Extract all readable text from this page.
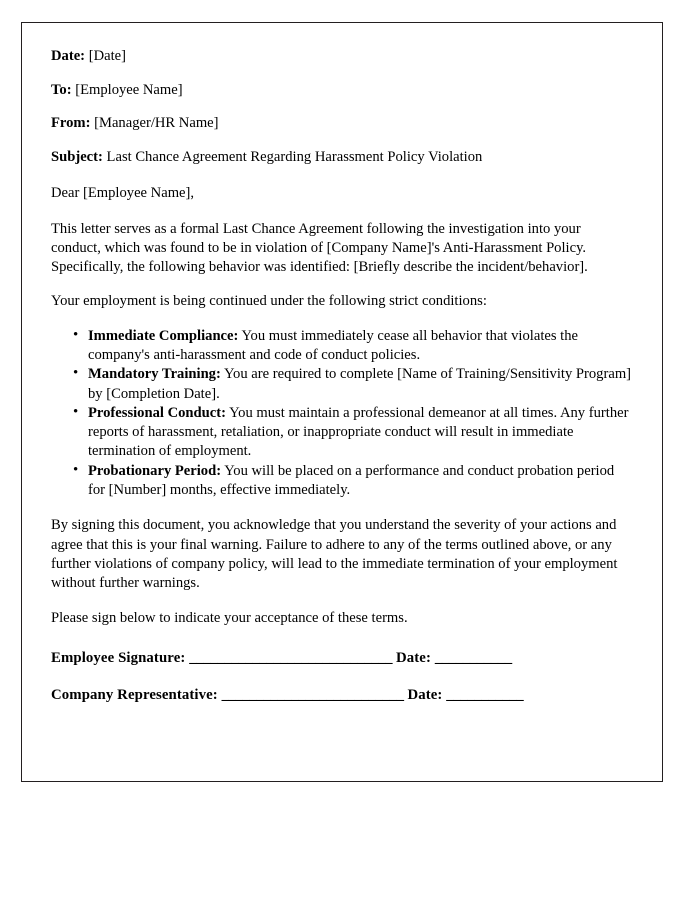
Date: [Date]
To: [Employee Name]
From: [Manager/HR Name]
Subject: Last Chance Agreement Regarding Harassment Policy Violation
Dear [Employee Name],

This letter serves as a formal Last Chance Agreement following the investigation into your conduct, which was found to be in violation of [Company Name]'s Anti-Harassment Policy. Specifically, the following behavior was identified: [Briefly describe the incident/behavior].

Your employment is being continued under the following strict conditions:

• Immediate Compliance: You must immediately cease all behavior that violates the company's anti-harassment and code of conduct policies.
• Mandatory Training: You are required to complete [Name of Training/Sensitivity Program] by [Completion Date].
• Professional Conduct: You must maintain a professional demeanor at all times. Any further reports of harassment, retaliation, or inappropriate conduct will result in immediate termination of employment.
• Probationary Period: You will be placed on a performance and conduct probation period for [Number] months, effective immediately.

By signing this document, you acknowledge that you understand the severity of your actions and agree that this is your final warning. Failure to adhere to any of the terms outlined above, or any further violations of company policy, will lead to the immediate termination of your employment without further warnings.

Please sign below to indicate your acceptance of these terms.

Employee Signature: _____________________________ Date: ___________
Company Representative: __________________________ Date: ___________
